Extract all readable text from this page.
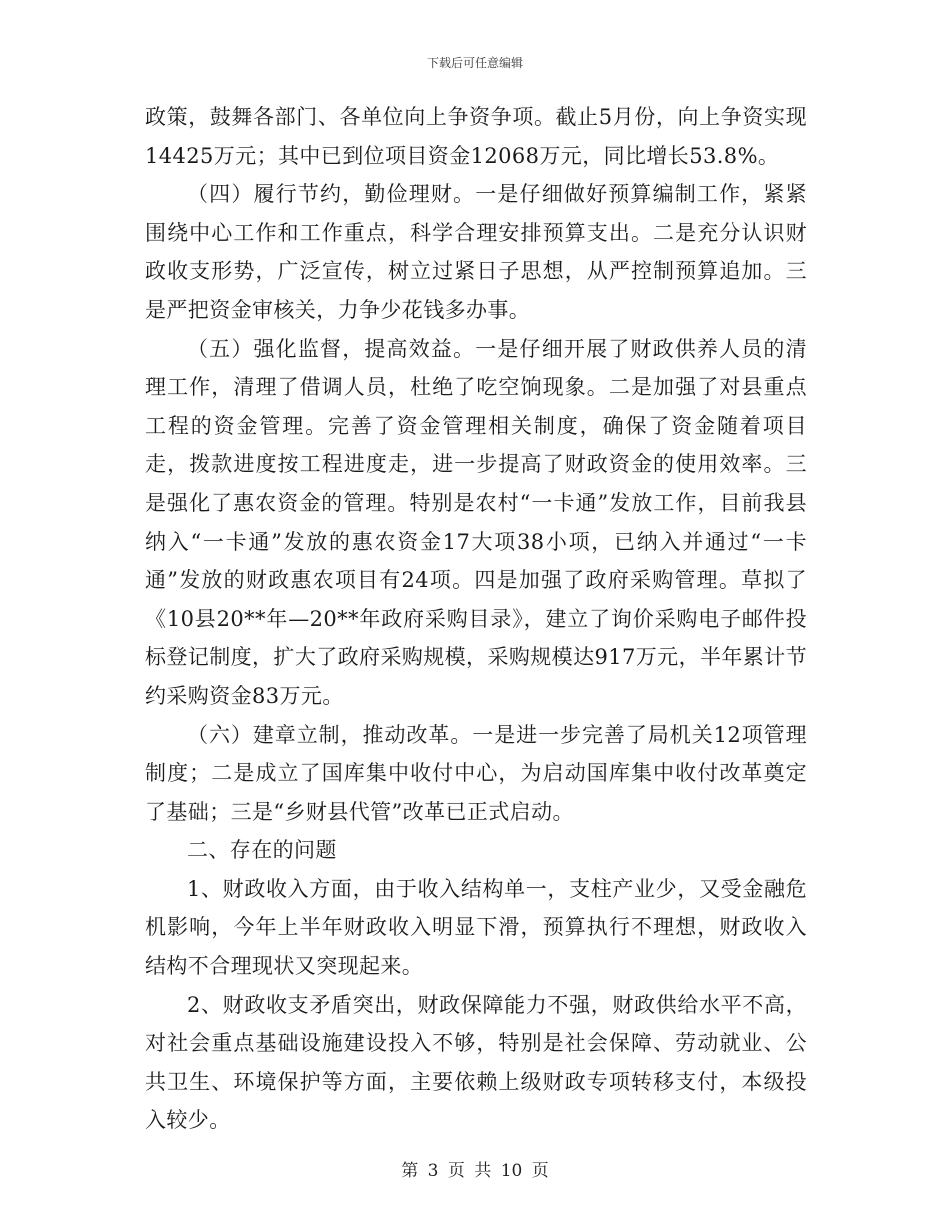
下载后可任意编辑

政策，鼓舞各部门、各单位向上争资争项。截止5月份，向上争资实现14425万元；其中已到位项目资金12068万元，同比增长53.8%。

（四）履行节约，勤俭理财。一是仔细做好预算编制工作，紧紧围绕中心工作和工作重点，科学合理安排预算支出。二是充分认识财政收支形势，广泛宣传，树立过紧日子思想，从严控制预算追加。三是严把资金审核关，力争少花钱多办事。

（五）强化监督，提高效益。一是仔细开展了财政供养人员的清理工作，清理了借调人员，杜绝了吃空饷现象。二是加强了对县重点工程的资金管理。完善了资金管理相关制度，确保了资金随着项目走，拨款进度按工程进度走，进一步提高了财政资金的使用效率。三是强化了惠农资金的管理。特别是农村“一卡通”发放工作，目前我县纳入“一卡通”发放的惠农资金17大项38小项，已纳入并通过“一卡通”发放的财政惠农项目有24项。四是加强了政府采购管理。草拟了《10县20**年—20**年政府采购目录》，建立了询价采购电子邮件投标登记制度，扩大了政府采购规模，采购规模达917万元，半年累计节约采购资金83万元。

（六）建章立制，推动改革。一是进一步完善了局机关12项管理制度；二是成立了国库集中收付中心，为启动国库集中收付改革奠定了基础；三是“乡财县代管”改革已正式启动。

二、存在的问题

1、财政收入方面，由于收入结构单一，支柱产业少，又受金融危机影响，今年上半年财政收入明显下滑，预算执行不理想，财政收入结构不合理现状又突现起来。

2、财政收支矛盾突出，财政保障能力不强，财政供给水平不高，对社会重点基础设施建设投入不够，特别是社会保障、劳动就业、公共卫生、环境保护等方面，主要依赖上级财政专项转移支付，本级投入较少。

第 3 页 共 10 页
